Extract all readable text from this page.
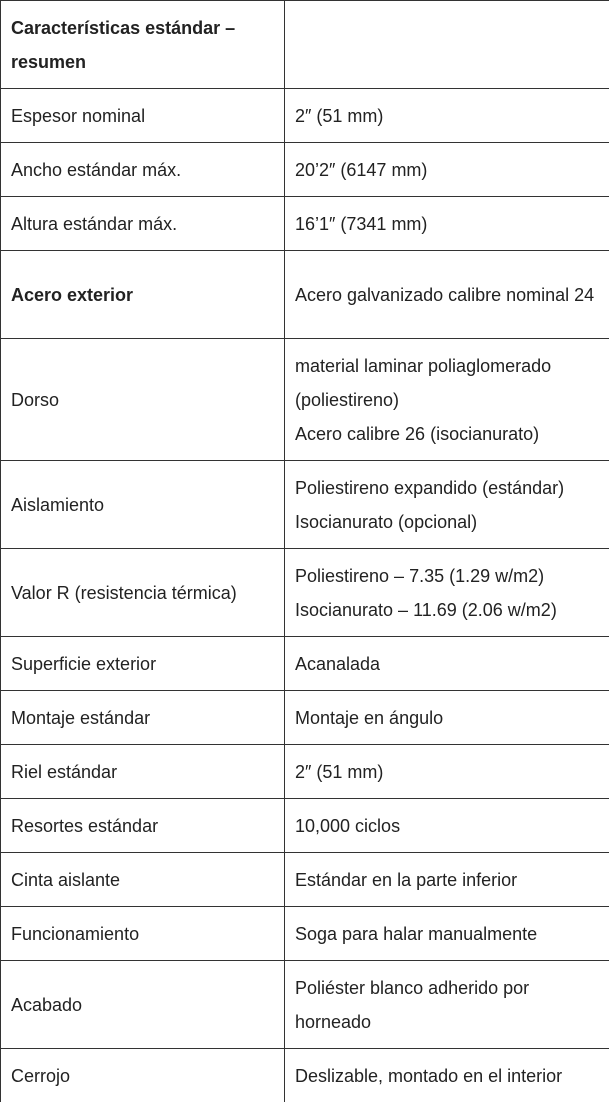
Características estándar – resumen	
Espesor nominal	2″ (51 mm)
Ancho estándar máx.	20’2″ (6147 mm)
Altura estándar máx.	16’1″ (7341 mm)
Acero exterior	Acero galvanizado calibre nominal 24
Dorso	material laminar poliaglomerado (poliestireno)
Acero calibre 26 (isocianurato)
Aislamiento	Poliestireno expandido (estándar)
Isocianurato (opcional)
Valor R (resistencia térmica)	Poliestireno – 7.35 (1.29 w/m2)
Isocianurato – 11.69 (2.06 w/m2)
Superficie exterior	Acanalada
Montaje estándar	Montaje en ángulo
Riel estándar	2″ (51 mm)
Resortes estándar	10,000 ciclos
Cinta aislante	Estándar en la parte inferior
Funcionamiento	Soga para halar manualmente
Acabado	Poliéster blanco adherido por horneado
Cerrojo	Deslizable, montado en el interior
